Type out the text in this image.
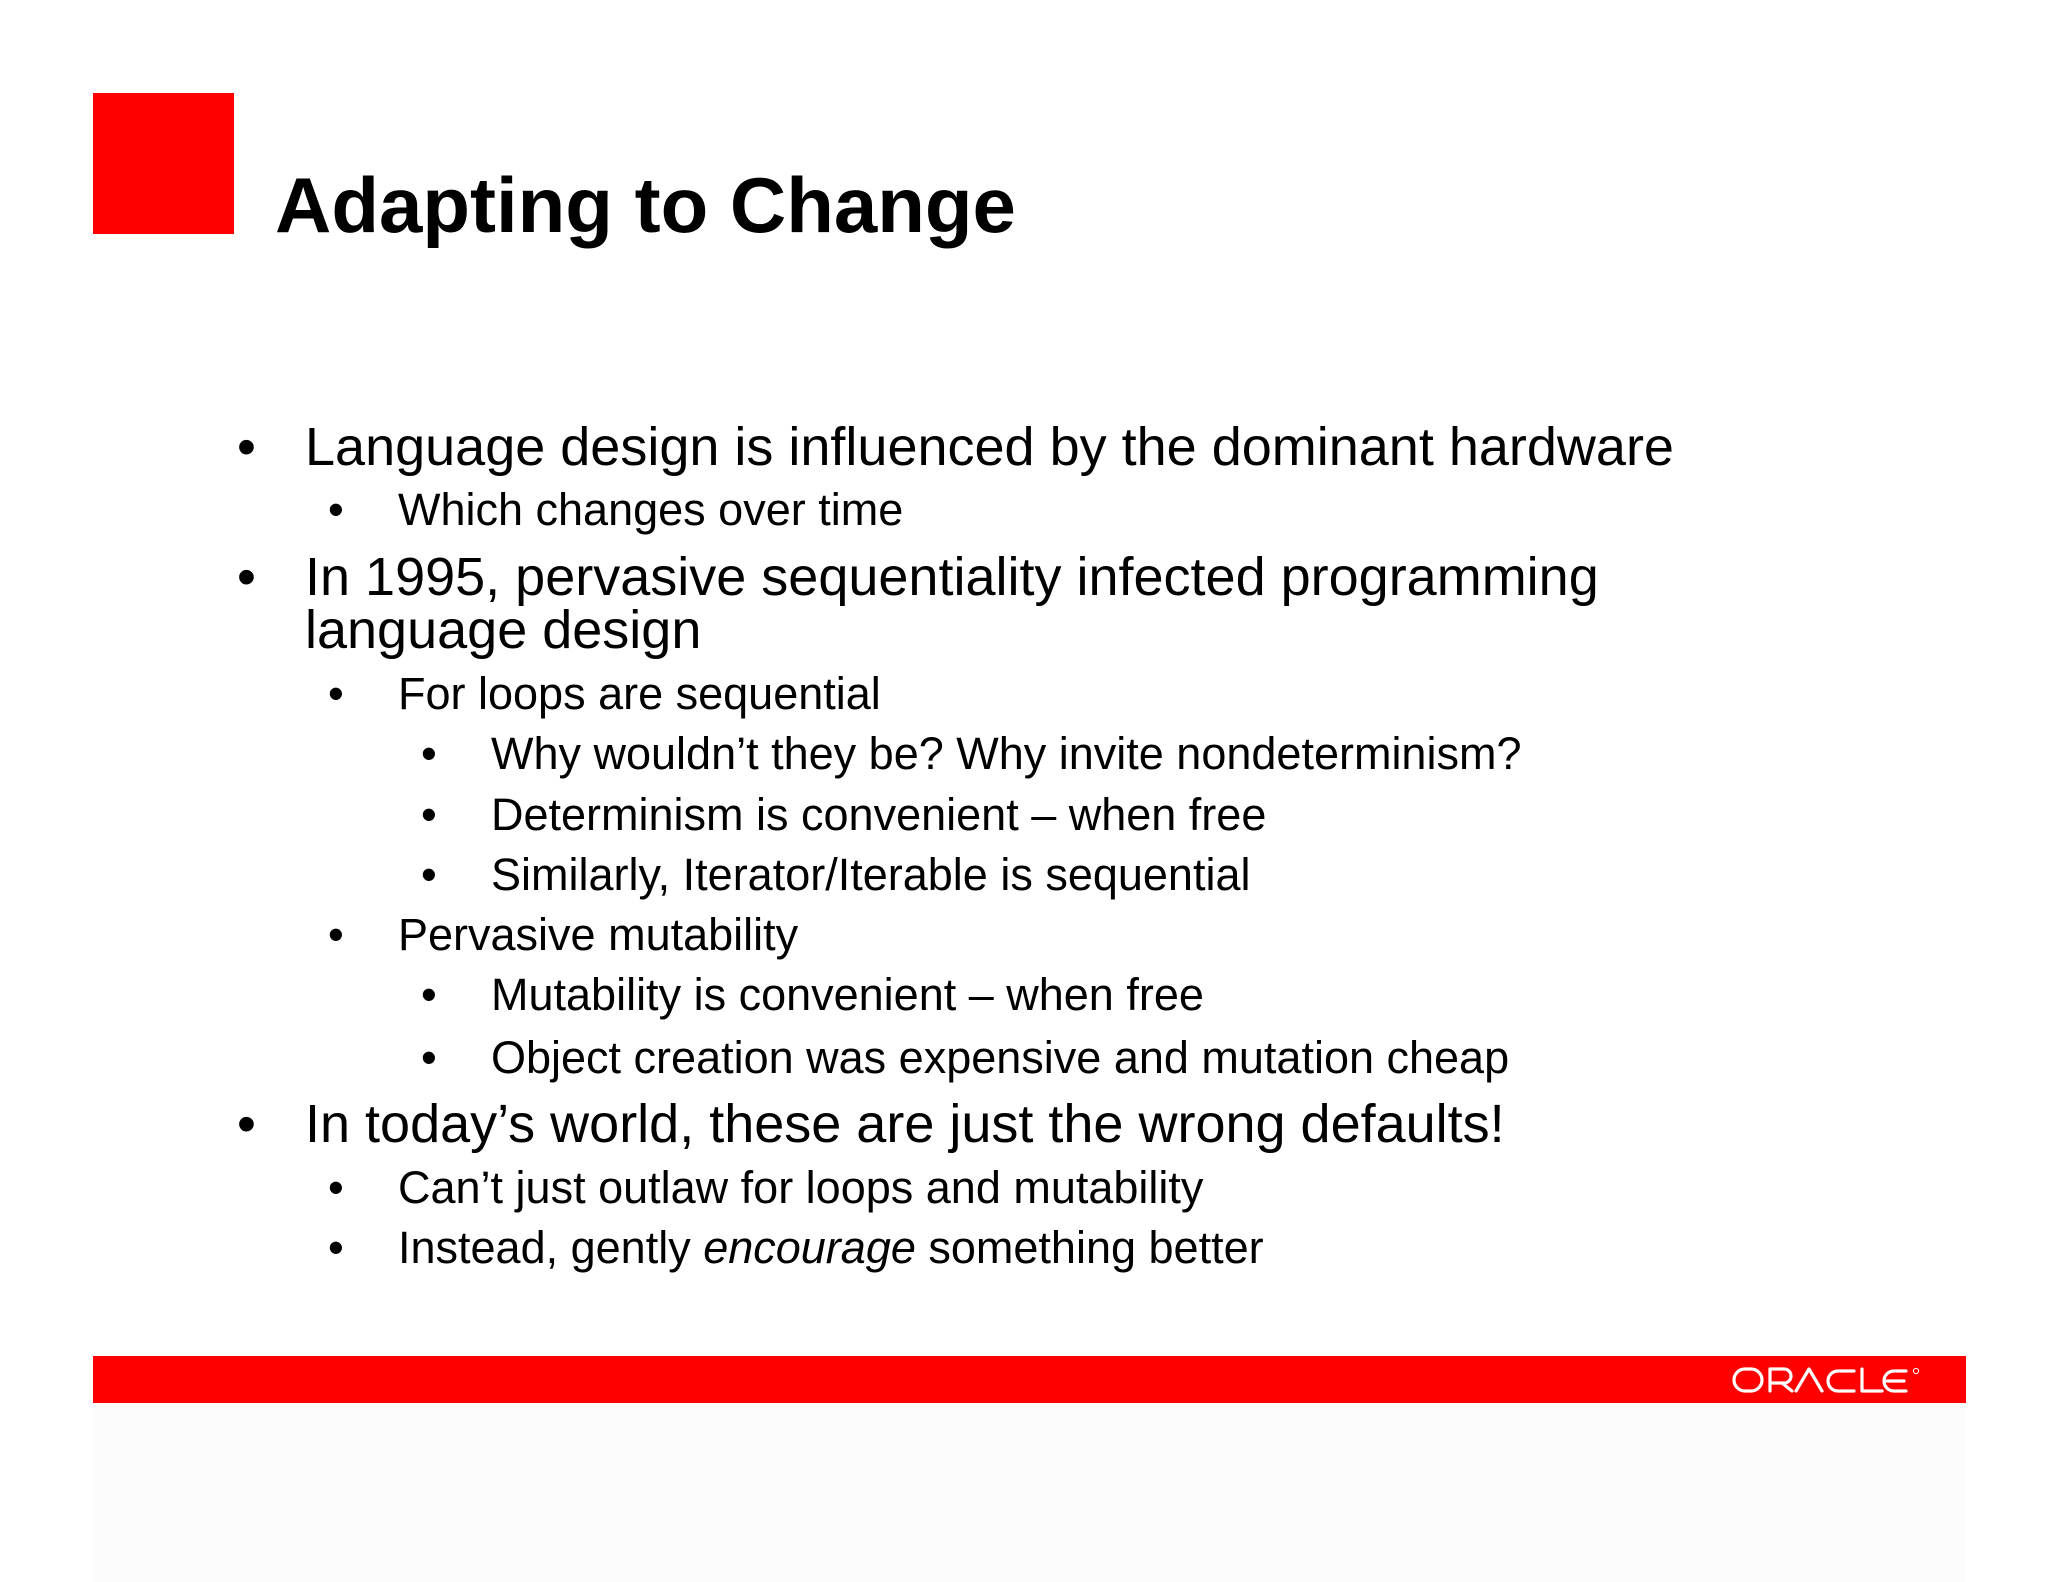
Adapting to Change
• Language design is influenced by the dominant hardware
• Which changes over time
• In 1995, pervasive sequentiality infected programming
language design
• For loops are sequential
• Why wouldn’t they be? Why invite nondeterminism?
• Determinism is convenient – when free
• Similarly, Iterator/Iterable is sequential
• Pervasive mutability
• Mutability is convenient – when free
• Object creation was expensive and mutation cheap
• In today’s world, these are just the wrong defaults!
• Can’t just outlaw for loops and mutability
• Instead, gently encourage something better
